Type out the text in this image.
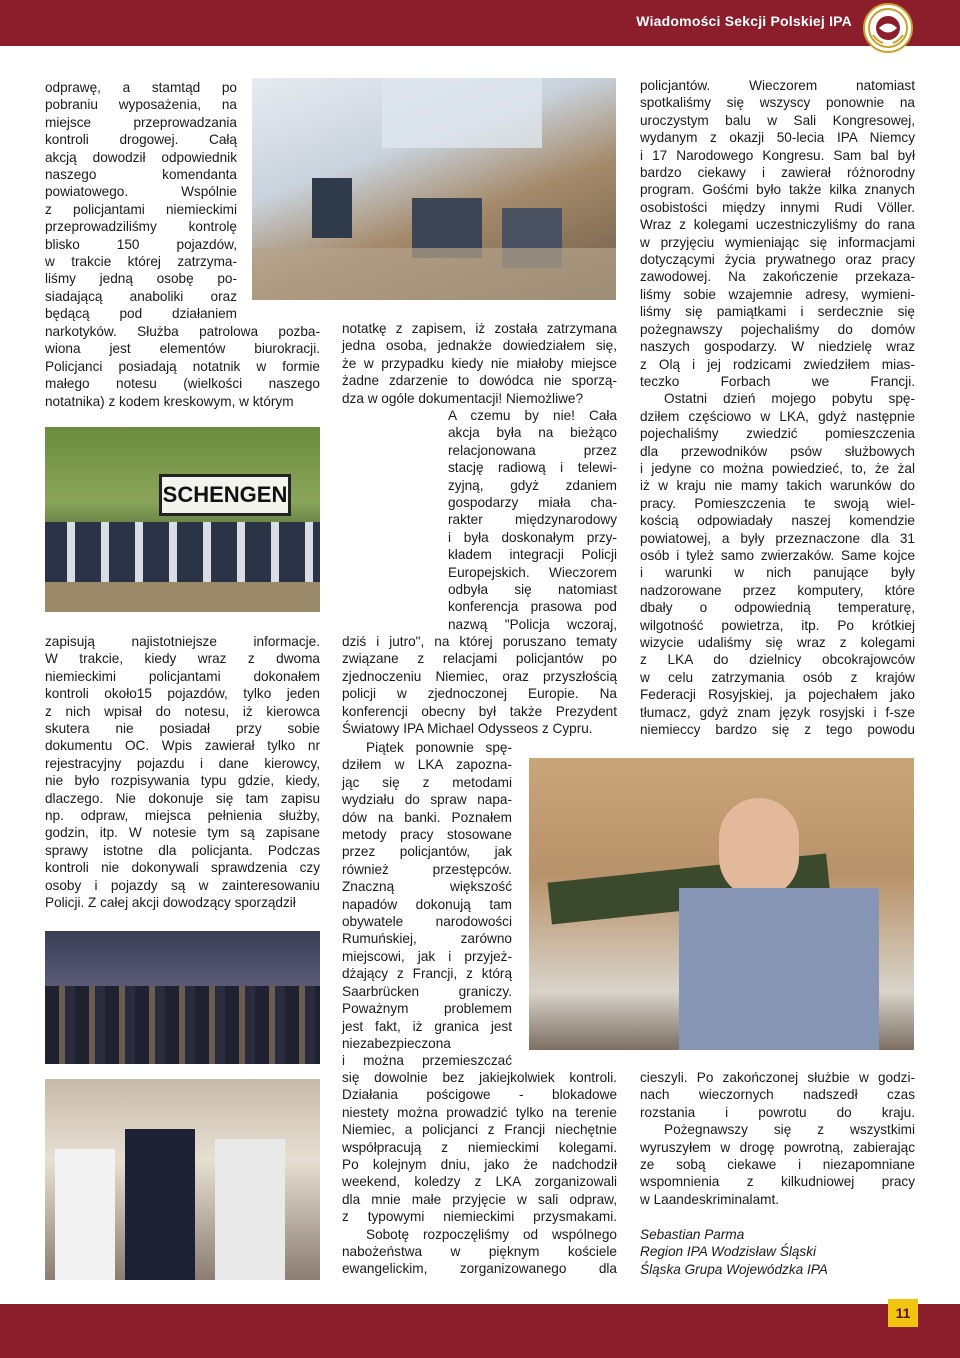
Wiadomości Sekcji Polskiej IPA
odprawę, a stamtąd po
pobraniu wyposażenia, na
miejsce przeprowadzania
kontroli drogowej. Całą
akcją dowodził odpowiednik
naszego komendanta
powiatowego. Wspólnie
z policjantami niemieckimi
przeprowadziliśmy kontrolę
blisko 150 pojazdów,
w trakcie której zatrzyma-
liśmy jedną osobę po-
siadającą anaboliki oraz
będącą pod działaniem
narkotyków. Służba patrolowa pozba-
wiona jest elementów biurokracji.
Policjanci posiadają notatnik w formie
małego notesu (wielkości naszego
notatnika) z kodem kreskowym, w którym
SCHENGEN
zapisują najistotniejsze informacje.
W trakcie, kiedy wraz z dwoma
niemieckimi policjantami dokonałem
kontroli około15 pojazdów, tylko jeden
z nich wpisał do notesu, iż kierowca
skutera nie posiadał przy sobie
dokumentu OC. Wpis zawierał tylko nr
rejestracyjny pojazdu i dane kierowcy,
nie było rozpisywania typu gdzie, kiedy,
dlaczego. Nie dokonuje się tam zapisu
np. odpraw, miejsca pełnienia służby,
godzin, itp. W notesie tym są zapisane
sprawy istotne dla policjanta. Podczas
kontroli nie dokonywali sprawdzenia czy
osoby i pojazdy są w zainteresowaniu
Policji. Z całej akcji dowodzący sporządził
notatkę z zapisem, iż została zatrzymana
jedna osoba, jednakże dowiedziałem się,
że w przypadku kiedy nie miałoby miejsce
żadne zdarzenie to dowódca nie sporzą-
dza w ogóle dokumentacji! Niemożliwe?
A czemu by nie! Cała
akcja była na bieżąco
relacjonowana przez
stację radiową i telewi-
zyjną, gdyż zdaniem
gospodarzy miała cha-
rakter międzynarodowy
i była doskonałym przy-
kładem integracji Policji
Europejskich. Wieczorem
odbyła się natomiast
konferencja prasowa pod
nazwą "Policja wczoraj,
dziś i jutro", na której poruszano tematy
związane z relacjami policjantów po
zjednoczeniu Niemiec, oraz przyszłością
policji w zjednoczonej Europie. Na
konferencji obecny był także Prezydent
Światowy IPA Michael Odysseos z Cypru.
Piątek ponownie spę-
dziłem w LKA zapozna-
jąc się z metodami
wydziału do spraw napa-
dów na banki. Poznałem
metody pracy stosowane
przez policjantów, jak
również przestępców.
Znaczną większość
napadów dokonują tam
obywatele narodowości
Rumuńskiej, zarówno
miejscowi, jak i przyjeż-
dżający z Francji, z którą
Saarbrücken graniczy.
Poważnym problemem
jest fakt, iż granica jest
niezabezpieczona
i można przemieszczać
się dowolnie bez jakiejkolwiek kontroli.
Działania pościgowe - blokadowe
niestety można prowadzić tylko na terenie
Niemiec, a policjanci z Francji niechętnie
współpracują z niemieckimi kolegami.
Po kolejnym dniu, jako że nadchodził
weekend, koledzy z LKA zorganizowali
dla mnie małe przyjęcie w sali odpraw,
z typowymi niemieckimi przysmakami.
Sobotę rozpoczęliśmy od wspólnego
nabożeństwa w pięknym kościele
ewangelickim, zorganizowanego dla
policjantów. Wieczorem natomiast
spotkaliśmy się wszyscy ponownie na
uroczystym balu w Sali Kongresowej,
wydanym z okazji 50-lecia IPA Niemcy
i 17 Narodowego Kongresu. Sam bal był
bardzo ciekawy i zawierał różnorodny
program. Gośćmi było także kilka znanych
osobistości między innymi Rudi Völler.
Wraz z kolegami uczestniczyliśmy do rana
w przyjęciu wymieniając się informacjami
dotyczącymi życia prywatnego oraz pracy
zawodowej. Na zakończenie przekaza-
liśmy sobie wzajemnie adresy, wymieni-
liśmy się pamiątkami i serdecznie się
pożegnawszy pojechaliśmy do domów
naszych gospodarzy. W niedzielę wraz
z Olą i jej rodzicami zwiedziłem mias-
teczko Forbach we Francji.
Ostatni dzień mojego pobytu spę-
dziłem częściowo w LKA, gdyż następnie
pojechaliśmy zwiedzić pomieszczenia
dla przewodników psów służbowych
i jedyne co można powiedzieć, to, że żal
iż w kraju nie mamy takich warunków do
pracy. Pomieszczenia te swoją wiel-
kością odpowiadały naszej komendzie
powiatowej, a były przeznaczone dla 31
osób i tyleż samo zwierzaków. Same kojce
i warunki w nich panujące były
nadzorowane przez komputery, które
dbały o odpowiednią temperaturę,
wilgotność powietrza, itp. Po krótkiej
wizycie udaliśmy się wraz z kolegami
z LKA do dzielnicy obcokrajowców
w celu zatrzymania osób z krajów
Federacji Rosyjskiej, ja pojechałem jako
tłumacz, gdyż znam język rosyjski i f-sze
niemieccy bardzo się z tego powodu
cieszyli. Po zakończonej służbie w godzi-
nach wieczornych nadszedł czas
rozstania i powrotu do kraju.
Pożegnawszy się z wszystkimi
wyruszyłem w drogę powrotną, zabierając
ze sobą ciekawe i niezapomniane
wspomnienia z kilkudniowej pracy
w Laandeskriminalamt.
Sebastian Parma
Region IPA Wodzisław Śląski
Śląska Grupa Wojewódzka IPA
11
